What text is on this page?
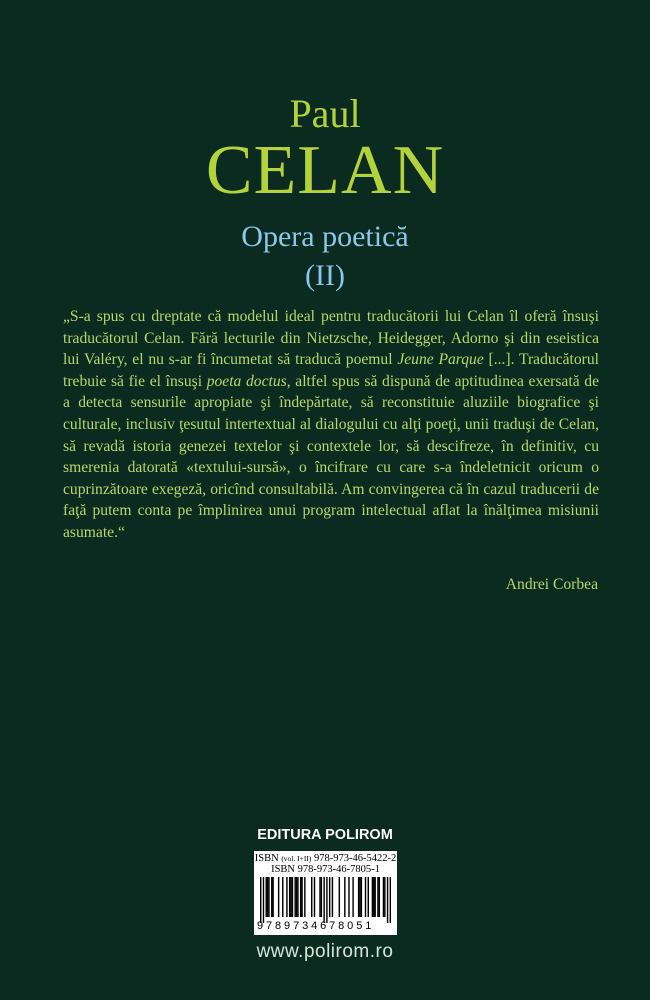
Paul
CELAN
Opera poetică
(II)
„S-a spus cu dreptate că modelul ideal pentru traducătorii lui Celan îl oferă însuşi traducătorul Celan. Fără lecturile din Nietzsche, Heidegger, Adorno şi din eseistica lui Valéry, el nu s-ar fi încumetat să traducă poemul Jeune Parque [...]. Traducătorul trebuie să fie el însuşi poeta doctus, altfel spus să dispună de aptitudinea exersată de a detecta sensurile apropiate şi îndepărtate, să reconstituie aluziile biografice şi culturale, inclusiv ţesutul intertextual al dialogului cu alţi poeţi, unii traduşi de Celan, să revadă istoria genezei textelor şi contextele lor, să descifreze, în definitiv, cu smerenia datorată «textului-sursă», o încifrare cu care s-a îndeletnicit oricum o cuprinzătoare exegeză, oricînd consultabilă. Am convingerea că în cazul traducerii de faţă putem conta pe împlinirea unui program intelectual aflat la înălţimea misiunii asumate.“
Andrei Corbea
EDITURA POLIROM
ISBN (vol. I+II) 978-973-46-5422-2
ISBN 978-973-46-7805-1
9789734678051
www.polirom.ro
